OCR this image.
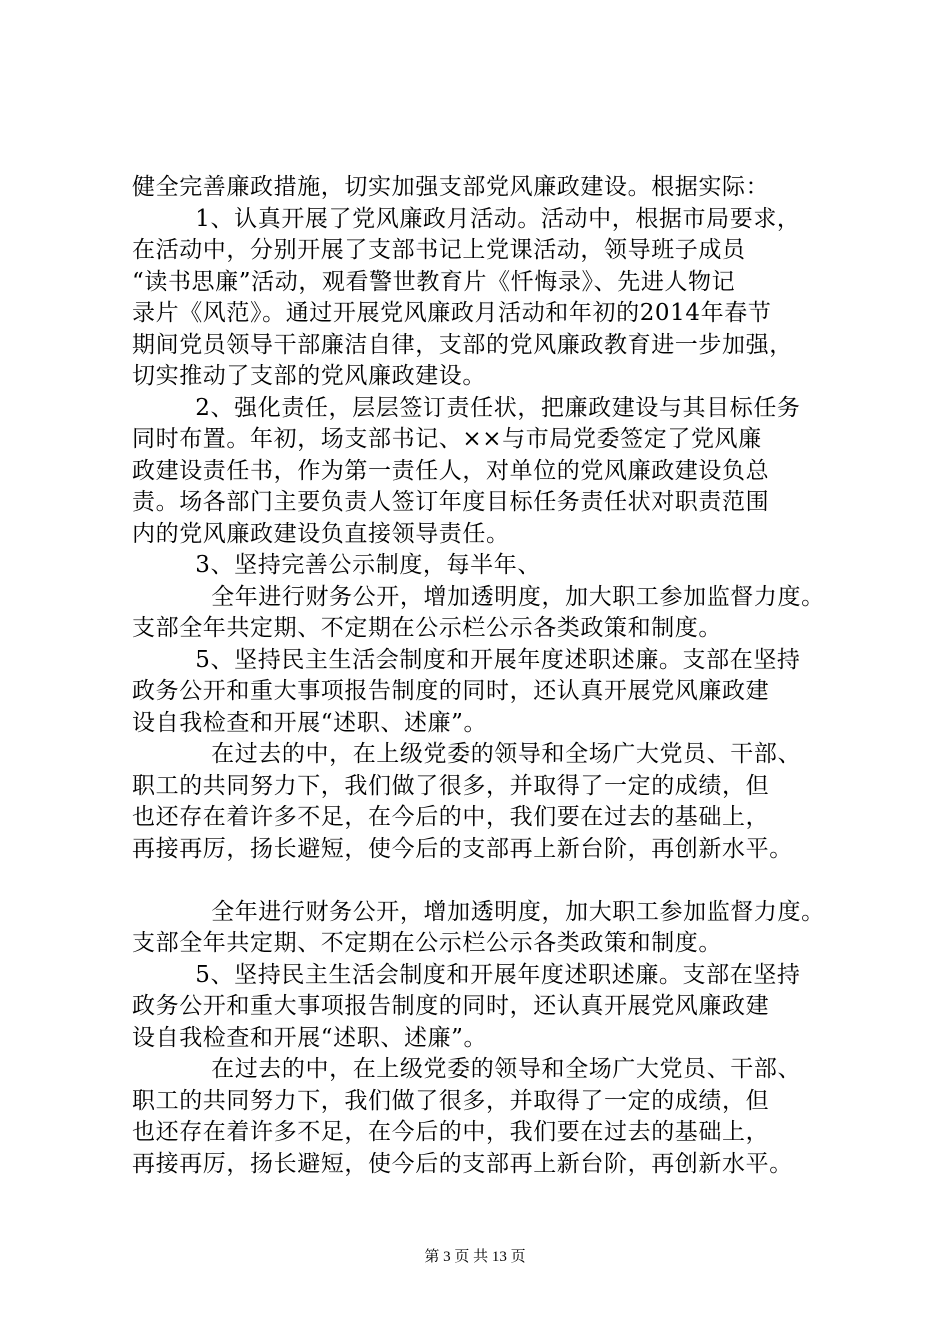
健全完善廉政措施，切实加强支部党风廉政建设。根据实际：
1、认真开展了党风廉政月活动。活动中，根据市局要求，
在活动中，分别开展了支部书记上党课活动，领导班子成员
“读书思廉”活动，观看警世教育片《忏悔录》、先进人物记
录片《风范》。通过开展党风廉政月活动和年初的2014年春节
期间党员领导干部廉洁自律，支部的党风廉政教育进一步加强，
切实推动了支部的党风廉政建设。
2、强化责任，层层签订责任状，把廉政建设与其目标任务
同时布置。年初，场支部书记、××与市局党委签定了党风廉
政建设责任书，作为第一责任人，对单位的党风廉政建设负总
责。场各部门主要负责人签订年度目标任务责任状对职责范围
内的党风廉政建设负直接领导责任。
3、坚持完善公示制度，每半年、
全年进行财务公开，增加透明度，加大职工参加监督力度。
支部全年共定期、不定期在公示栏公示各类政策和制度。
5、坚持民主生活会制度和开展年度述职述廉。支部在坚持
政务公开和重大事项报告制度的同时，还认真开展党风廉政建
设自我检查和开展“述职、述廉”。
在过去的中，在上级党委的领导和全场广大党员、干部、
职工的共同努力下，我们做了很多，并取得了一定的成绩，但
也还存在着许多不足，在今后的中，我们要在过去的基础上，
再接再厉，扬长避短，使今后的支部再上新台阶，再创新水平。
全年进行财务公开，增加透明度，加大职工参加监督力度。
支部全年共定期、不定期在公示栏公示各类政策和制度。
5、坚持民主生活会制度和开展年度述职述廉。支部在坚持
政务公开和重大事项报告制度的同时，还认真开展党风廉政建
设自我检查和开展“述职、述廉”。
在过去的中，在上级党委的领导和全场广大党员、干部、
职工的共同努力下，我们做了很多，并取得了一定的成绩，但
也还存在着许多不足，在今后的中，我们要在过去的基础上，
再接再厉，扬长避短，使今后的支部再上新台阶，再创新水平。
第 3 页 共 13 页
